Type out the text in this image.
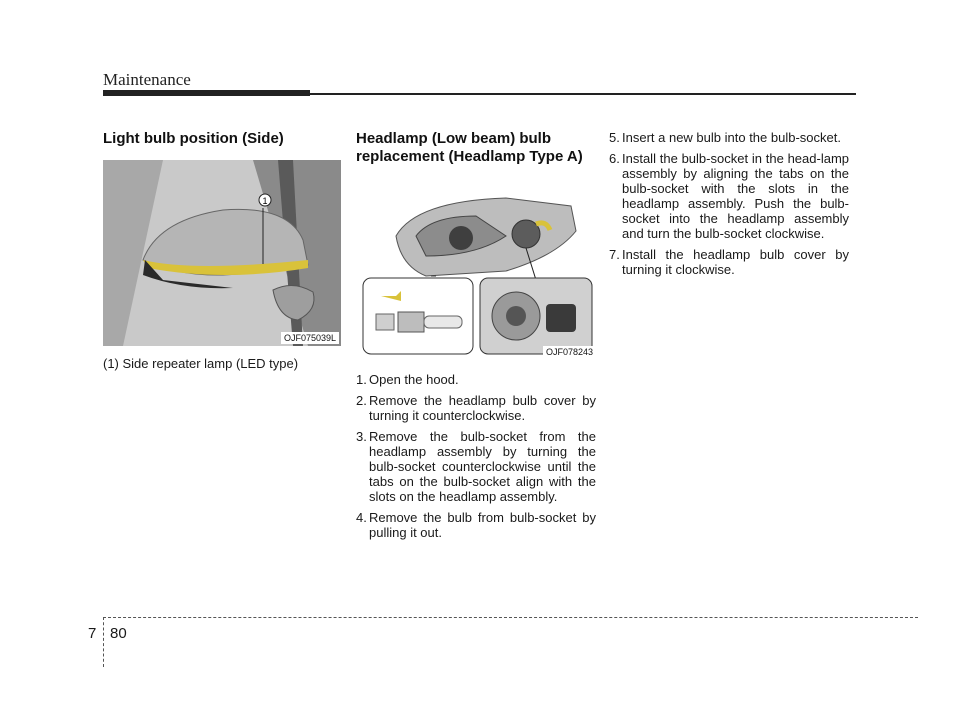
Maintenance
Light bulb position (Side)
1
OJF075039L
(1) Side repeater lamp (LED type)
Headlamp (Low beam) bulb replacement (Headlamp Type A)
OJF078243
1. Open the hood.
2. Remove the headlamp bulb cover by turning it counterclockwise.
3. Remove the bulb-socket from the headlamp assembly by turning the bulb-socket counterclockwise until the tabs on the bulb-socket align with the slots on the headlamp assembly.
4. Remove the bulb from bulb-socket by pulling it out.
5. Insert a new bulb into the bulb-socket.
6. Install the bulb-socket in the head-lamp assembly by aligning the tabs on the bulb-socket with the slots in the headlamp assembly. Push the bulb-socket into the headlamp assembly and turn the bulb-socket clockwise.
7. Install the headlamp bulb cover by turning it clockwise.
7 80
